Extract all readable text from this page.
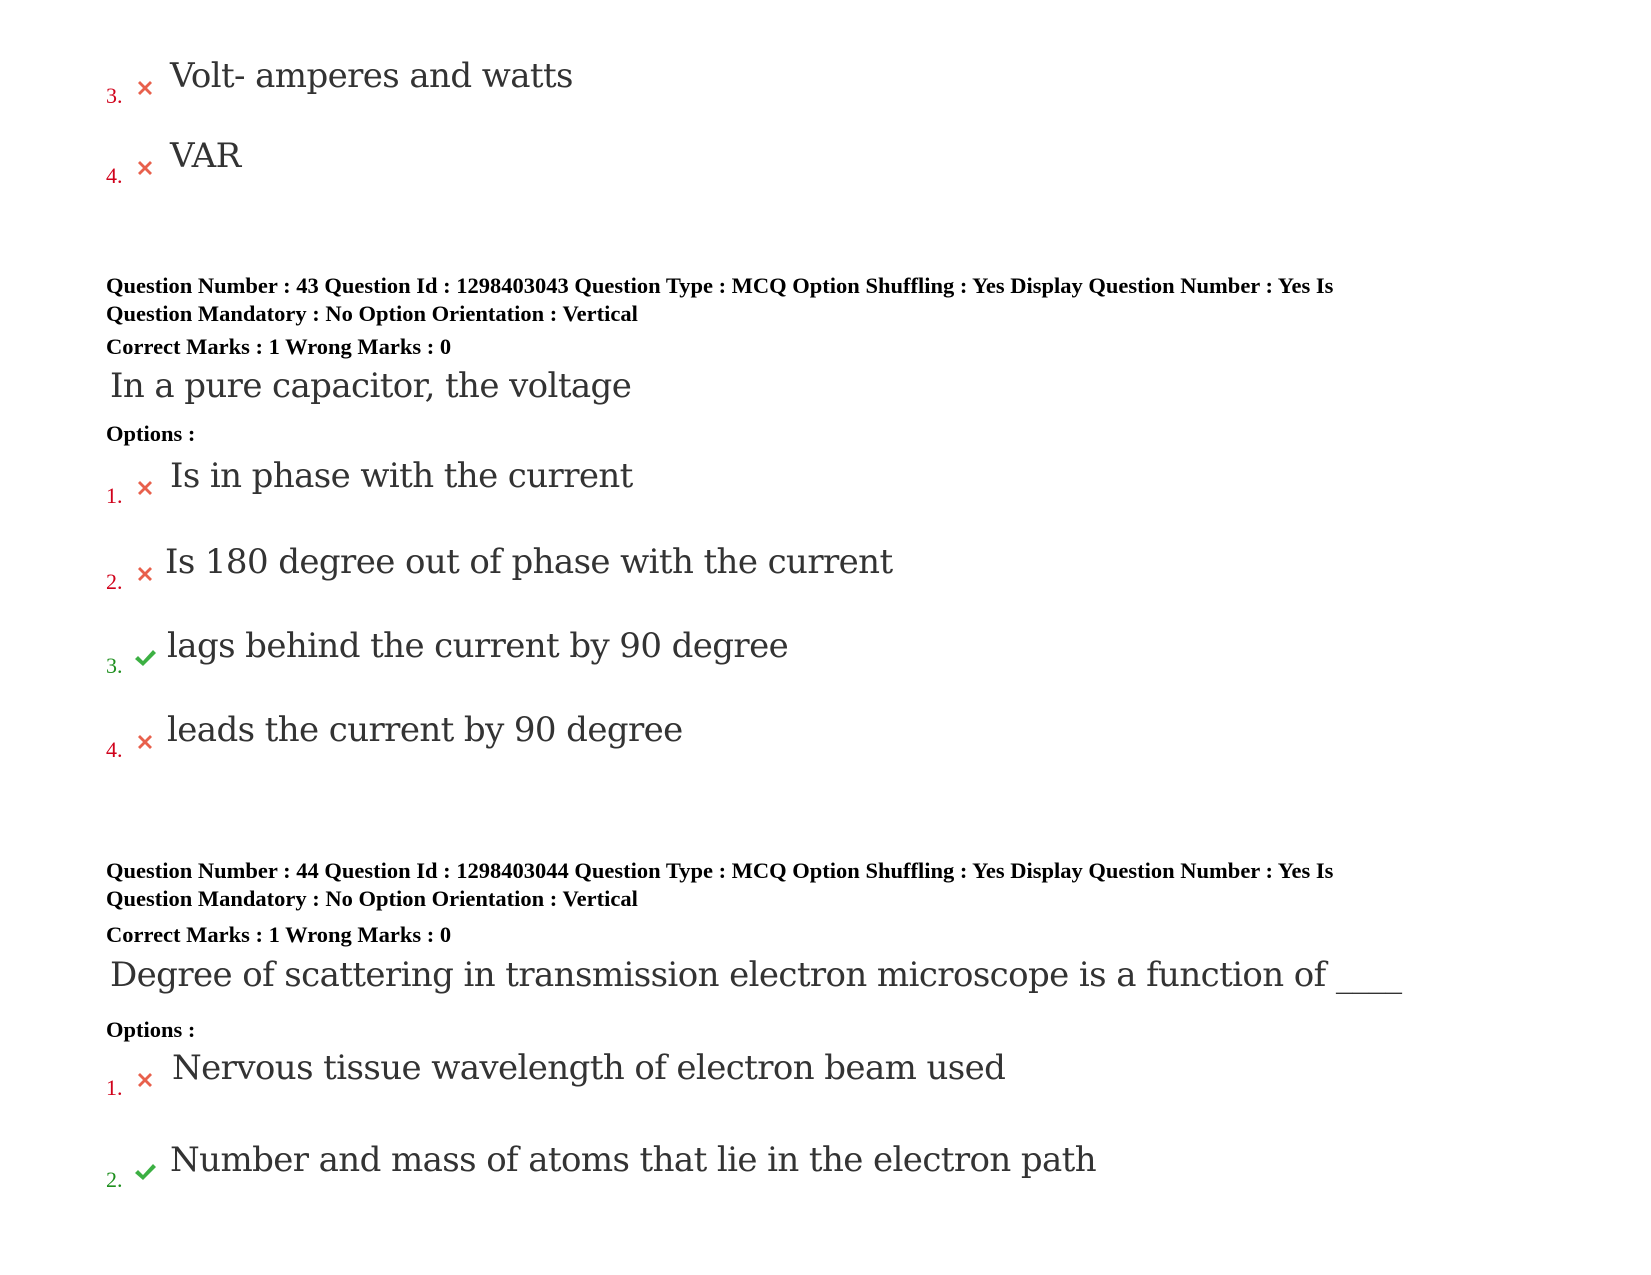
3. Volt- amperes and watts
4. VAR
Question Number : 43 Question Id : 1298403043 Question Type : MCQ Option Shuffling : Yes Display Question Number : Yes Is
Question Mandatory : No Option Orientation : Vertical
Correct Marks : 1 Wrong Marks : 0
In a pure capacitor, the voltage
Options :
1. Is in phase with the current
2. Is 180 degree out of phase with the current
3. lags behind the current by 90 degree
4. leads the current by 90 degree
Question Number : 44 Question Id : 1298403044 Question Type : MCQ Option Shuffling : Yes Display Question Number : Yes Is
Question Mandatory : No Option Orientation : Vertical
Correct Marks : 1 Wrong Marks : 0
Degree of scattering in transmission electron microscope is a function of ____
Options :
1. Nervous tissue wavelength of electron beam used
2. Number and mass of atoms that lie in the electron path
